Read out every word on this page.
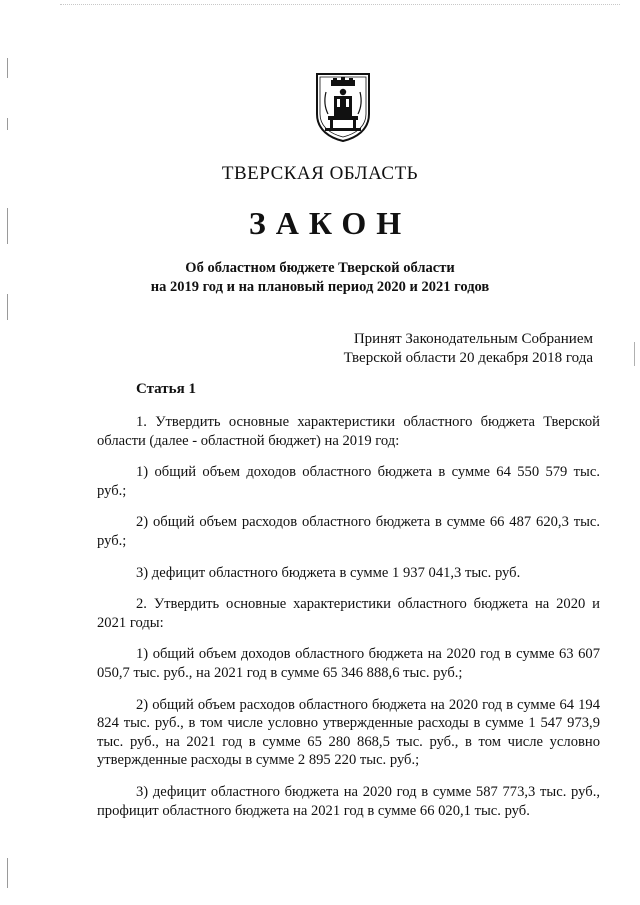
ТВЕРСКАЯ ОБЛАСТЬ
ЗАКОН
Об областном бюджете Тверской области
на 2019 год и на плановый период 2020 и 2021 годов
Принят Законодательным Собранием
Тверской области 20 декабря 2018 года
Статья 1

1. Утвердить основные характеристики областного бюджета Тверской области (далее - областной бюджет) на 2019 год:

1) общий объем доходов областного бюджета в сумме 64 550 579 тыс. руб.;

2) общий объем расходов областного бюджета в сумме 66 487 620,3 тыс. руб.;

3) дефицит областного бюджета в сумме 1 937 041,3 тыс. руб.

2. Утвердить основные характеристики областного бюджета на 2020 и 2021 годы:

1) общий объем доходов областного бюджета на 2020 год в сумме 63 607 050,7 тыс. руб., на 2021 год в сумме 65 346 888,6 тыс. руб.;

2) общий объем расходов областного бюджета на 2020 год в сумме 64 194 824 тыс. руб., в том числе условно утвержденные расходы в сумме 1 547 973,9 тыс. руб., на 2021 год в сумме 65 280 868,5 тыс. руб., в том числе условно утвержденные расходы в сумме 2 895 220 тыс. руб.;

3) дефицит областного бюджета на 2020 год в сумме 587 773,3 тыс. руб., профицит областного бюджета на 2021 год в сумме 66 020,1 тыс. руб.
